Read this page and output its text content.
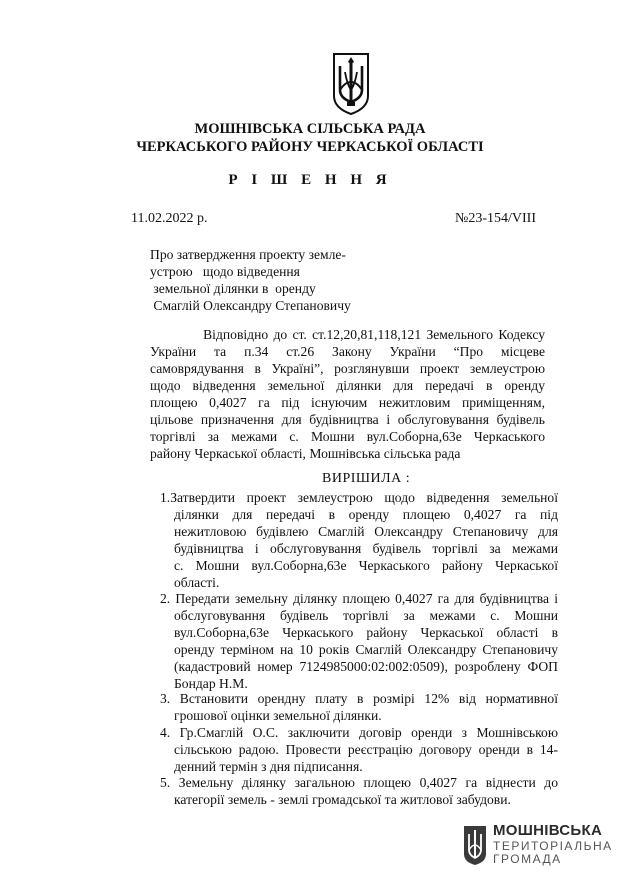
МОШНІВСЬКА СІЛЬСЬКА РАДА
ЧЕРКАСЬКОГО РАЙОНУ ЧЕРКАСЬКОЇ ОБЛАСТІ
Р І Ш Е Н Н Я
11.02.2022 р.	№23-154/VIII
Про затвердження проекту земле-
устрою   щодо відведення
земельної ділянки в  оренду
Смаглій Олександру Степановичу
Відповідно до ст. ст.12,20,81,118,121 Земельного Кодексу
України та п.34 ст.26 Закону України “Про місцеве
самоврядування в Україні”, розглянувши проект землеустрою
щодо відведення земельної ділянки для передачі в оренду
площею 0,4027 га під існуючим нежитловим приміщенням,
цільове призначення для будівництва і обслуговування будівель
торгівлі за межами с. Мошни вул.Соборна,63е Черкаського
району Черкаської області, Мошнівська сільська рада
ВИРІШИЛА :
1.Затвердити проект землеустрою щодо відведення земельної
ділянки для передачі в оренду площею 0,4027 га під
нежитловою будівлею Смаглій Олександру Степановичу для
будівництва і обслуговування будівель торгівлі за межами
с. Мошни вул.Соборна,63е Черкаського району Черкаської
області.
2. Передати земельну ділянку площею 0,4027 га для будівництва і
обслуговування будівель торгівлі за межами с. Мошни
вул.Соборна,63е Черкаського району Черкаської області в
оренду терміном на 10 років Смаглій Олександру Степановичу
(кадастровий номер 7124985000:02:002:0509), розроблену ФОП
Бондар Н.М.
3. Встановити орендну плату в розмірі 12% від нормативної
грошової оцінки земельної ділянки.
4. Гр.Смаглій О.С. заключити договір оренди з Мошнівською
сільською радою. Провести реєстрацію договору оренди в 14-
денний термін з дня підписання.
5. Земельну ділянку загальною площею 0,4027 га віднести до
категорії земель - землі громадської та житлової забудови.
МОШНІВСЬКА
ТЕРИТОРІАЛЬНА
ГРОМАДА
